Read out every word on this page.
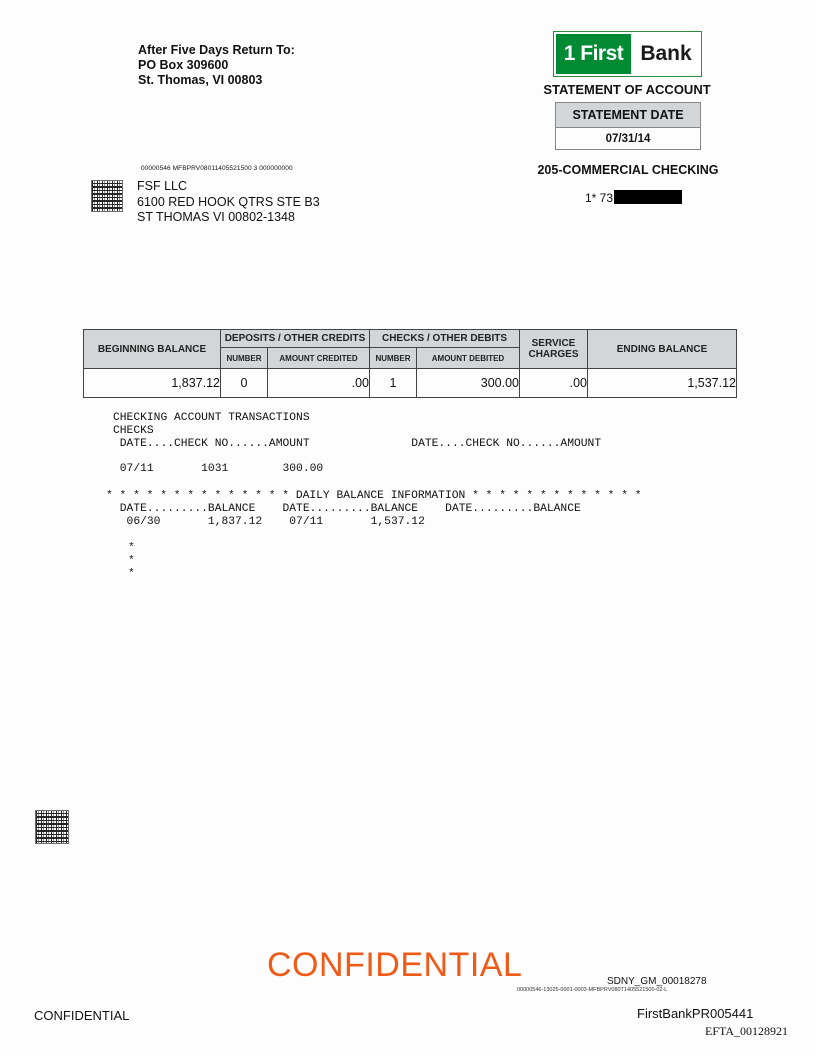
After Five Days Return To:
PO Box 309600
St. Thomas, VI 00803
1 First Bank
STATEMENT OF ACCOUNT
STATEMENT DATE
07/31/14
205-COMMERCIAL CHECKING
1* 73
00000546 MFBPRV08011405521500 3 000000000
FSF LLC
6100 RED HOOK QTRS STE B3
ST THOMAS VI 00802-1348
BEGINNING BALANCE	DEPOSITS / OTHER CREDITS		CHECKS / OTHER DEBITS		SERVICE
CHARGES	ENDING BALANCE
	NUMBER	AMOUNT CREDITED	NUMBER	AMOUNT DEBITED		
1,837.12	0	.00	1	300.00	.00	1,537.12
CHECKING ACCOUNT TRANSACTIONS
CHECKS
DATE....CHECK NO......AMOUNT               DATE....CHECK NO......AMOUNT
07/11       1031        300.00
* * * * * * * * * * * * * * DAILY BALANCE INFORMATION * * * * * * * * * * * * *
DATE.........BALANCE    DATE.........BALANCE    DATE.........BALANCE
06/30       1,837.12    07/11       1,537.12
*
*
*
CONFIDENTIAL	SDNY_GM_00018278
00000546-13025-0001-0003-MFBPRV080T1405521500-02-L
CONFIDENTIAL	FirstBankPR005441
EFTA_00128921
